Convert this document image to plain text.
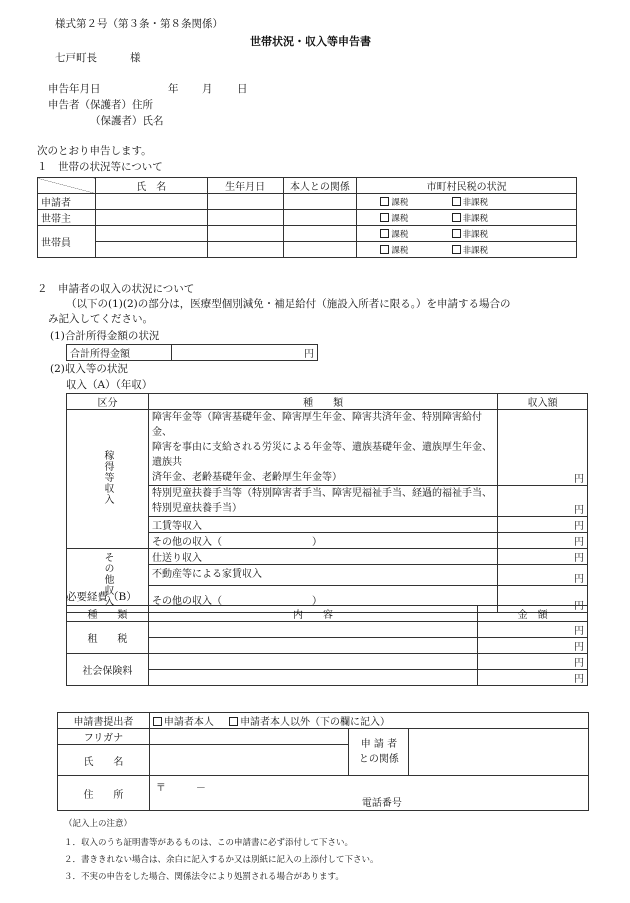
様式第２号（第３条・第８条関係）
世帯状況・収入等申告書
七戸町長	様
申告年月日	年 月 日
申告者（保護者）住所
（保護者）氏名
次のとおり申告します。
１　世帯の状況等について
	氏　名	生年月日	本人との関係	市町村民税の状況
申請者				課税 非課税
世帯主				課税 非課税
世帯員				課税 非課税
				課税 非課税
２　申請者の収入の状況について
（以下の(1)(2)の部分は，医療型個別減免・補足給付（施設入所者に限る。）を申請する場合の
み記入してください。
(1)合計所得金額の状況
合計所得金額	円
(2)収入等の状況
収入（A）（年収）
区分	種　　類	収入額
稼得等収入	障害年金等（障害基礎年金、障害厚生年金、障害共済年金、特別障害給付金、
障害を事由に支給される労災による年金等、遺族基礎年金、遺族厚生年金、遺族共
済年金、老齢基礎年金、老齢厚生年金等）	円

	特別児童扶養手当等（特別障害者手当、障害児福祉手当、経過的福祉手当、
特別児童扶養手当）	円
	工賃等収入	円
	その他の収入（　　　　　　　　　）	円
その他収入	仕送り収入	円
	不動産等による家賃収入	円
	その他の収入（　　　　　　　　　）	円
必要経費（B）
種　　類	内　　容	金　額
租　　税		円
		円
社会保険料		円
		円
申請書提出者	申請者本人 申請者本人以外（下の欄に記入）		
フリガナ		申 請 者
との関係	

氏　　名			
住　　所	〒 －
電話番号		
（記入上の注意）
１．収入のうち証明書等があるものは、この申請書に必ず添付して下さい。
２．書ききれない場合は、余白に記入するか又は別紙に記入の上添付して下さい。
３．不実の申告をした場合、関係法令により処罰される場合があります。
